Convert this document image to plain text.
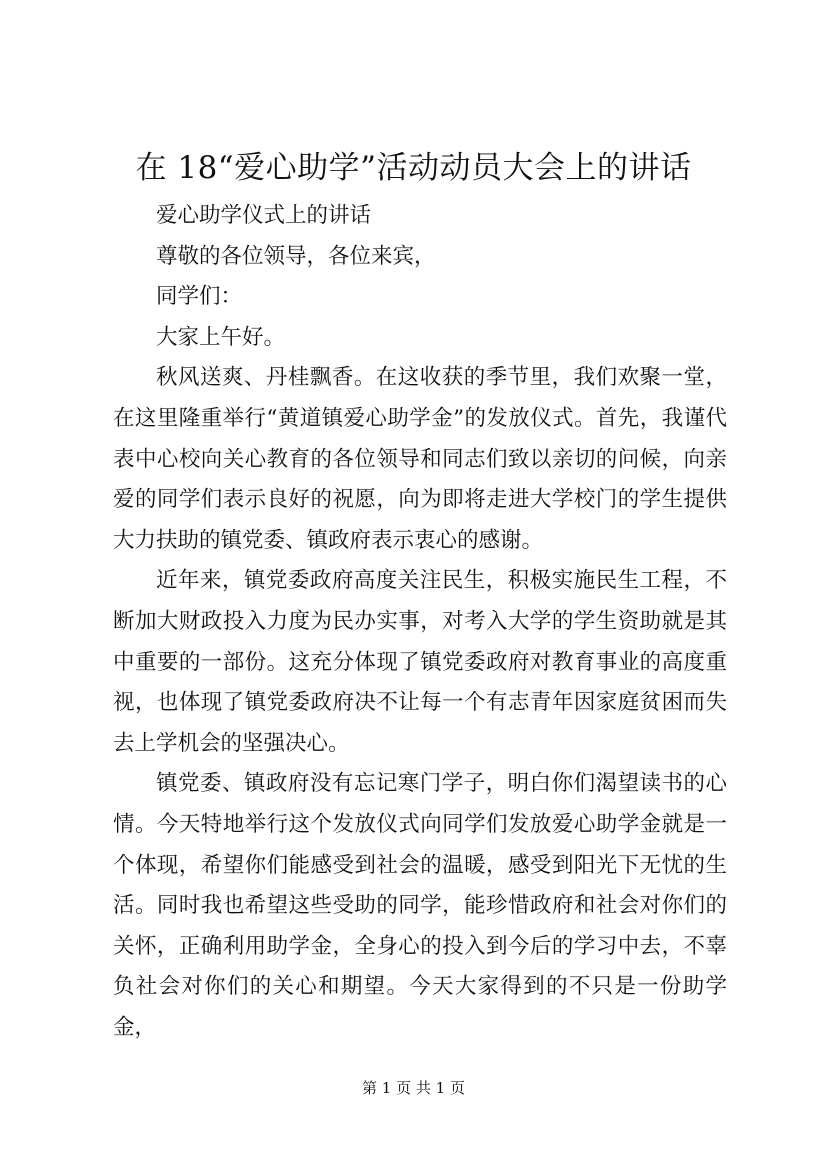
在 18“爱心助学”活动动员大会上的讲话

爱心助学仪式上的讲话

尊敬的各位领导，各位来宾，

同学们：

大家上午好。

秋风送爽、丹桂飘香。在这收获的季节里，我们欢聚一堂，在这里隆重举行“黄道镇爱心助学金”的发放仪式。首先，我谨代表中心校向关心教育的各位领导和同志们致以亲切的问候，向亲爱的同学们表示良好的祝愿，向为即将走进大学校门的学生提供大力扶助的镇党委、镇政府表示衷心的感谢。

近年来，镇党委政府高度关注民生，积极实施民生工程，不断加大财政投入力度为民办实事，对考入大学的学生资助就是其中重要的一部份。这充分体现了镇党委政府对教育事业的高度重视，也体现了镇党委政府决不让每一个有志青年因家庭贫困而失去上学机会的坚强决心。

镇党委、镇政府没有忘记寒门学子，明白你们渴望读书的心情。今天特地举行这个发放仪式向同学们发放爱心助学金就是一个体现，希望你们能感受到社会的温暖，感受到阳光下无忧的生活。同时我也希望这些受助的同学，能珍惜政府和社会对你们的关怀，正确利用助学金，全身心的投入到今后的学习中去，不辜负社会对你们的关心和期望。今天大家得到的不只是一份助学金，

第 1 页 共 1 页
